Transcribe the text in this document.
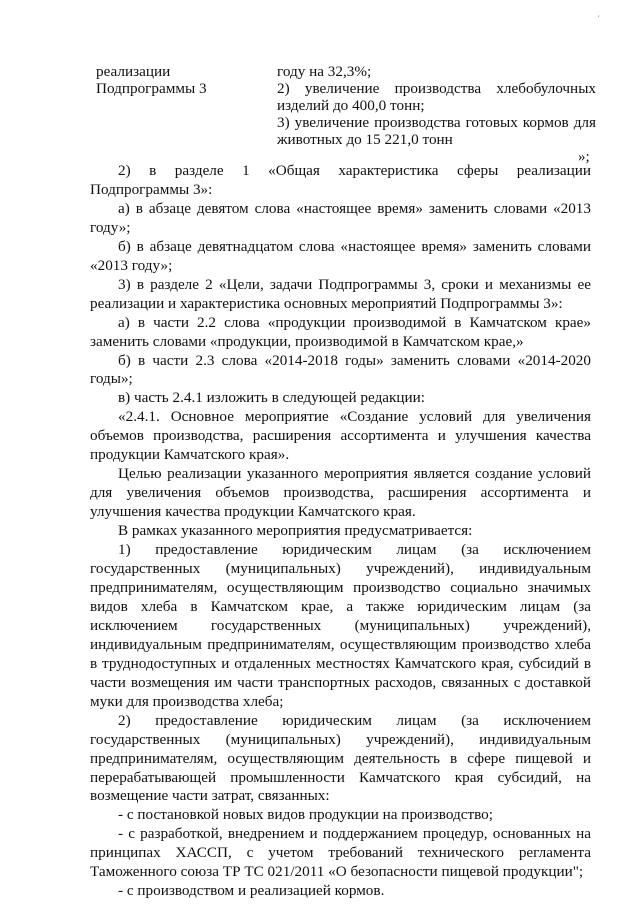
ʹ
реализации
Подпрограммы 3

году на 32,3%;

2) увеличение производства хлебобулочных изделий до 400,0 тонн;

3) увеличение производства готовых кормов для животных до 15 221,0 тонн

»;

2) в разделе 1 «Общая характеристика сферы реализации Подпрограммы 3»:

а) в абзаце девятом слова «настоящее время» заменить словами «2013 году»;

б) в абзаце девятнадцатом слова «настоящее время» заменить словами «2013 году»;

3) в разделе 2 «Цели, задачи Подпрограммы 3, сроки и механизмы ее реализации и характеристика основных мероприятий Подпрограммы 3»:

а) в части 2.2 слова «продукции производимой в Камчатском крае» заменить словами «продукции, производимой в Камчатском крае,»

б) в части 2.3 слова «2014-2018 годы» заменить словами «2014-2020 годы»;

в) часть 2.4.1 изложить в следующей редакции:

«2.4.1. Основное мероприятие «Создание условий для увеличения объемов производства, расширения ассортимента и улучшения качества продукции Камчатского края».

Целью реализации указанного мероприятия является создание условий для увеличения объемов производства, расширения ассортимента и улучшения качества продукции Камчатского края.

В рамках указанного мероприятия предусматривается:

1) предоставление юридическим лицам (за исключением государственных (муниципальных) учреждений), индивидуальным предпринимателям, осуществляющим производство социально значимых видов хлеба в Камчатском крае, а также юридическим лицам (за исключением государственных (муниципальных) учреждений), индивидуальным предпринимателям, осуществляющим производство хлеба в труднодоступных и отдаленных местностях Камчатского края, субсидий в части возмещения им части транспортных расходов, связанных с доставкой муки для производства хлеба;

2) предоставление юридическим лицам (за исключением государственных (муниципальных) учреждений), индивидуальным предпринимателям, осуществляющим деятельность в сфере пищевой и перерабатывающей промышленности Камчатского края субсидий, на возмещение части затрат, связанных:

- с постановкой новых видов продукции на производство;

- с разработкой, внедрением и поддержанием процедур, основанных на принципах ХАССП, с учетом требований технического регламента Таможенного союза ТР ТС 021/2011 «О безопасности пищевой продукции";

- с производством и реализацией кормов.
